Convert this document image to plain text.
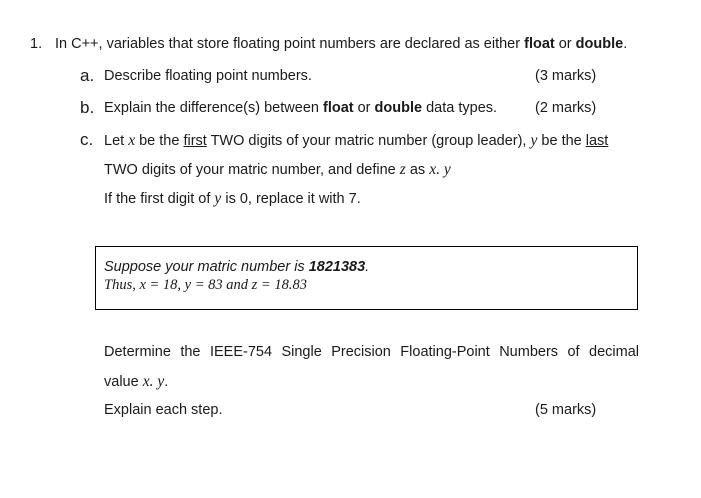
1. In C++, variables that store floating point numbers are declared as either float or double.
a. Describe floating point numbers.	(3 marks)
b. Explain the difference(s) between float or double data types.	(2 marks)
c. Let x be the first TWO digits of your matric number (group leader), y be the last
TWO digits of your matric number, and define z as x. y
If the first digit of y is 0, replace it with 7.
Suppose your matric number is 1821383.
Thus, x = 18, y = 83 and z = 18.83
Determine the IEEE-754 Single Precision Floating-Point Numbers of decimal
value x. y.
Explain each step.	(5 marks)
